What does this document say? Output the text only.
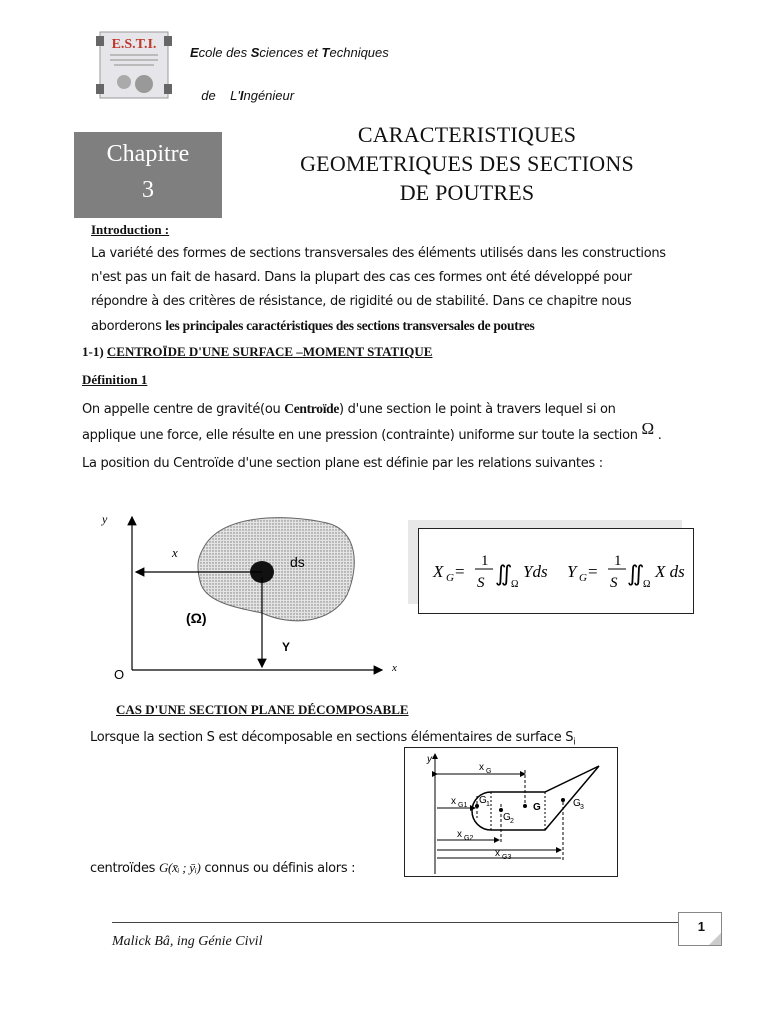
E.S.T.I.
Ecole des Sciences et Techniques

de    L'Ingénieur

Chapitre
3
CARACTERISTIQUES
GEOMETRIQUES DES SECTIONS
DE POUTRES
Introduction :
La variété des formes de sections transversales des éléments utilisés dans les constructions
n'est pas un fait de hasard. Dans la plupart des cas ces formes ont été développé pour
répondre à des critères de résistance, de rigidité ou de stabilité. Dans ce chapitre nous
aborderons les principales caractéristiques des sections transversales de poutres
1-1) CENTROÏDE D'UNE SURFACE –MOMENT STATIQUE
Définition 1
On appelle centre de gravité(ou Centroïde) d'une section le point à travers lequel si on
applique une force, elle résulte en une pression (contrainte) uniforme sur toute la section Ω .
La position du Centroïde d'une section plane est définie par les relations suivantes :
y
x
x
ds
(Ω)
Y
O
X G =
1
S ∬
Ω
Yds Y G =
1
S ∬
Ω
X ds
CAS D'UNE SECTION PLANE DÉCOMPOSABLE
Lorsque la section S est décomposable en sections élémentaires de surface $S_i$
centroïdes G(x̄ᵢ ; ȳᵢ) connus ou définis alors :
y
x G
x G1 G 1
G 2
G	G 3
x G2
x G3
Malick Bâ, ing Génie Civil
1
